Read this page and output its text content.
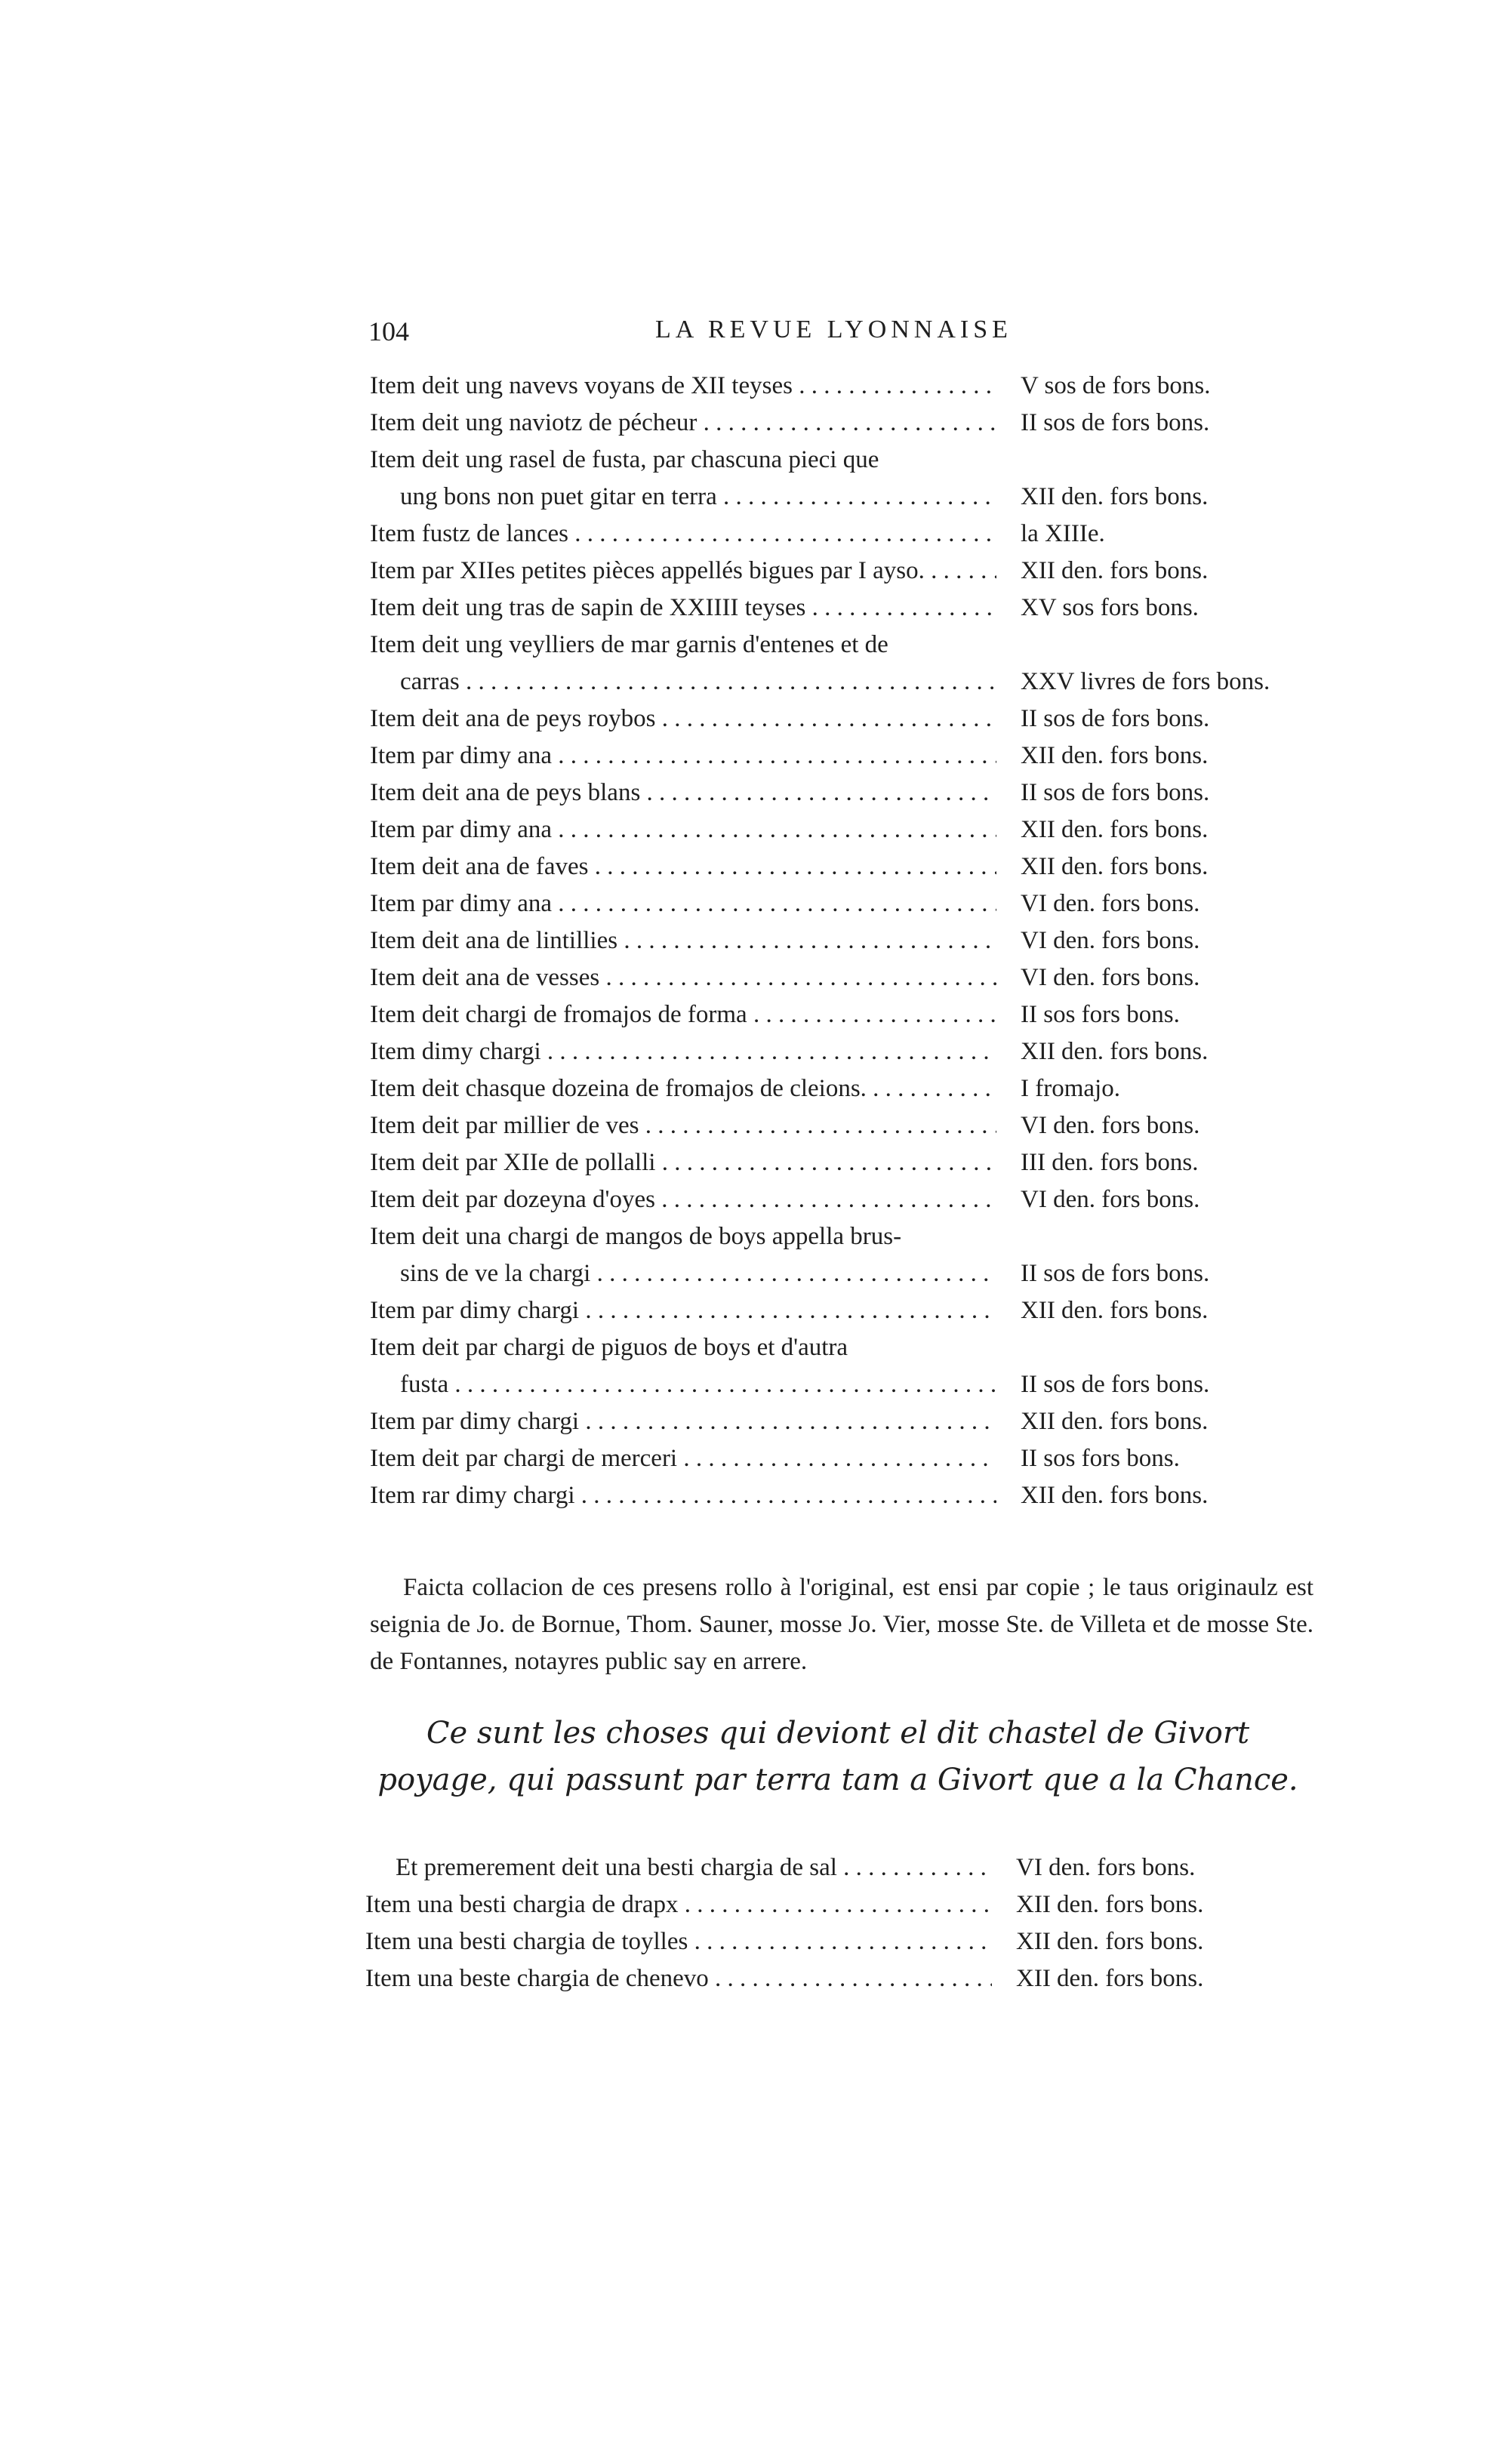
104	LA REVUE LYONNAISE
Item deit ung navevs voyans de XII teyses . . .	V sos de fors bons.
Item deit ung naviotz de pécheur . . .	II sos de fors bons.
Item deit ung rasel de fusta, par chascuna pieci que
ung bons non puet gitar en terra . . .	XII den. fors bons.
Item fustz de lances . . .	la XIIIe.
Item par XIIes petites pièces appellés bigues par I ayso. . . .	XII den. fors bons.
Item deit ung tras de sapin de XXIIII teyses . . .	XV sos fors bons.
Item deit ung veylliers de mar garnis d'entenes et de
carras . . .	XXV livres de fors bons.
Item deit ana de peys roybos . . .	II sos de fors bons.
Item par dimy ana . . .	XII den. fors bons.
Item deit ana de peys blans . . .	II sos de fors bons.
Item par dimy ana . . .	XII den. fors bons.
Item deit ana de faves . . .	XII den. fors bons.
Item par dimy ana . . .	VI den. fors bons.
Item deit ana de lintillies . . .	VI den. fors bons.
Item deit ana de vesses . . .	VI den. fors bons.
Item deit chargi de fromajos de forma . . .	II sos fors bons.
Item dimy chargi . . .	XII den. fors bons.
Item deit chasque dozeina de fromajos de cleions. . . .	I fromajo.
Item deit par millier de ves . . .	VI den. fors bons.
Item deit par XIIe de pollalli . . .	III den. fors bons.
Item deit par dozeyna d'oyes . . .	VI den. fors bons.
Item deit una chargi de mangos de boys appella brus-
sins de ve la chargi . . .	II sos de fors bons.
Item par dimy chargi . . .	XII den. fors bons.
Item deit par chargi de piguos de boys et d'autra
fusta . . .	II sos de fors bons.
Item par dimy chargi . . .	XII den. fors bons.
Item deit par chargi de merceri . . .	II sos fors bons.
Item rar dimy chargi . . .	XII den. fors bons.

Faicta collacion de ces presens rollo à l'original, est ensi par copie ; le taus originaulz est seignia de Jo. de Bornue, Thom. Sauner, mosse Jo. Vier, mosse Ste. de Villeta et de mosse Ste. de Fontannes, notayres public say en arrere.

Ce sunt les choses qui deviont el dit chastel de Givort poyage, qui passunt par terra tam a Givort que a la Chance.
Et premerement deit una besti chargia de sal . . .	VI den. fors bons.
Item una besti chargia de drapx . . .	XII den. fors bons.
Item una besti chargia de toylles . . .	XII den. fors bons.
Item una beste chargia de chenevo . . .	XII den. fors bons.
